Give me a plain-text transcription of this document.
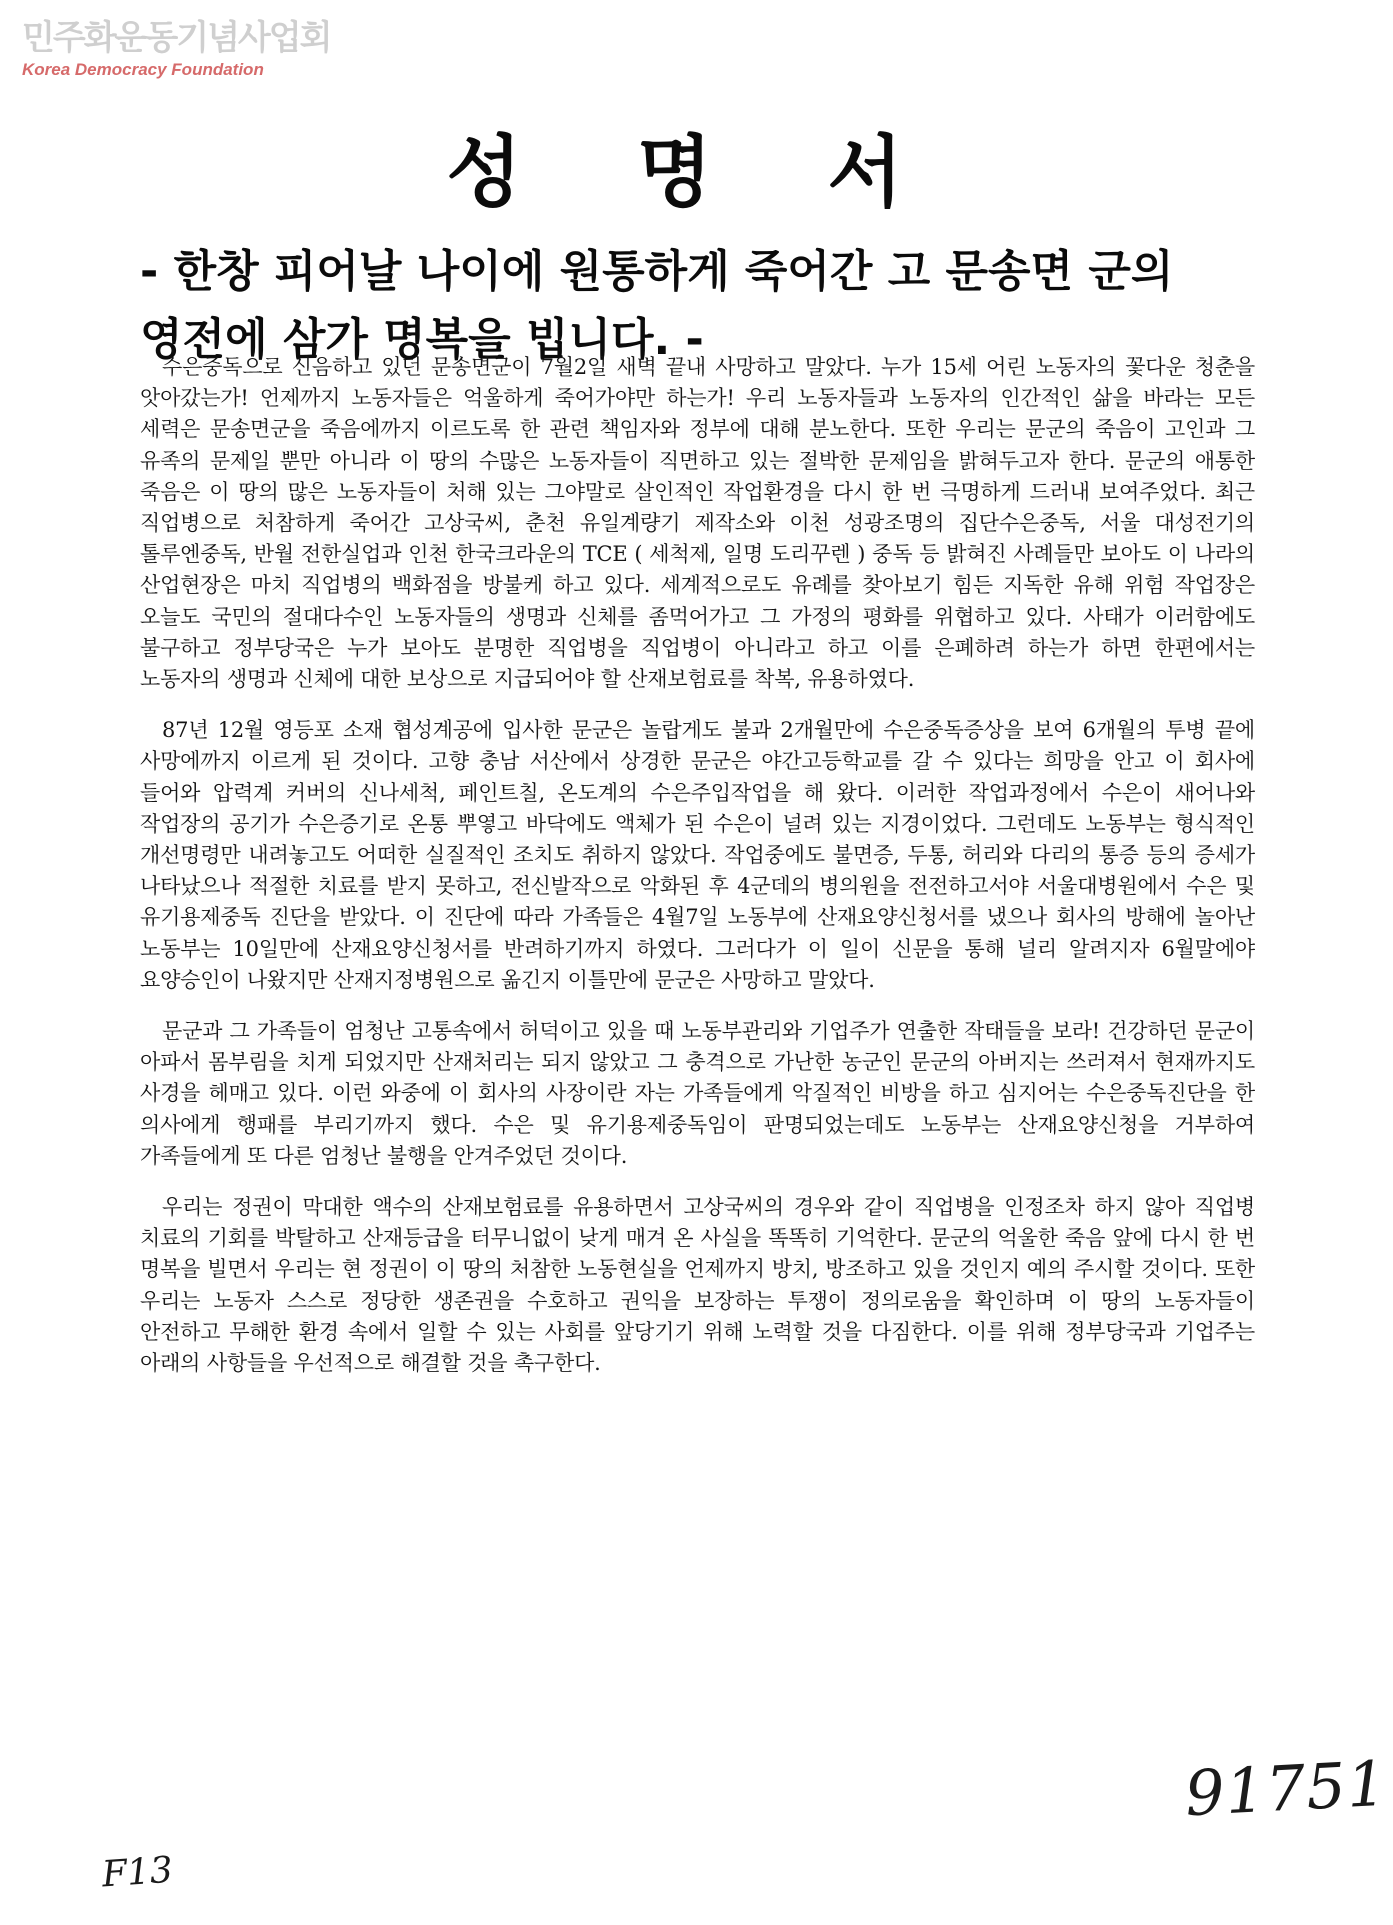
민주화운동기념사업회
Korea Democracy Foundation
성 명 서
- 한창 피어날 나이에 원통하게 죽어간 고 문송면 군의 영전에 삼가 명복을 빕니다. -

수은중독으로 신음하고 있던 문송면군이 7월2일 새벽 끝내 사망하고 말았다. 누가 15세 어린 노동자의 꽃다운 청춘을 앗아갔는가! 언제까지 노동자들은 억울하게 죽어가야만 하는가! 우리 노동자들과 노동자의 인간적인 삶을 바라는 모든 세력은 문송면군을 죽음에까지 이르도록 한 관련 책임자와 정부에 대해 분노한다. 또한 우리는 문군의 죽음이 고인과 그 유족의 문제일 뿐만 아니라 이 땅의 수많은 노동자들이 직면하고 있는 절박한 문제임을 밝혀두고자 한다. 문군의 애통한 죽음은 이 땅의 많은 노동자들이 처해 있는 그야말로 살인적인 작업환경을 다시 한 번 극명하게 드러내 보여주었다. 최근 직업병으로 처참하게 죽어간 고상국씨, 춘천 유일계량기 제작소와 이천 성광조명의 집단수은중독, 서울 대성전기의 톨루엔중독, 반월 전한실업과 인천 한국크라운의 TCE ( 세척제, 일명 도리꾸렌 ) 중독 등 밝혀진 사례들만 보아도 이 나라의 산업현장은 마치 직업병의 백화점을 방불케 하고 있다. 세계적으로도 유례를 찾아보기 힘든 지독한 유해 위험 작업장은 오늘도 국민의 절대다수인 노동자들의 생명과 신체를 좀먹어가고 그 가정의 평화를 위협하고 있다. 사태가 이러함에도 불구하고 정부당국은 누가 보아도 분명한 직업병을 직업병이 아니라고 하고 이를 은폐하려 하는가 하면 한편에서는 노동자의 생명과 신체에 대한 보상으로 지급되어야 할 산재보험료를 착복, 유용하였다.

87년 12월 영등포 소재 협성계공에 입사한 문군은 놀랍게도 불과 2개월만에 수은중독증상을 보여 6개월의 투병 끝에 사망에까지 이르게 된 것이다. 고향 충남 서산에서 상경한 문군은 야간고등학교를 갈 수 있다는 희망을 안고 이 회사에 들어와 압력계 커버의 신나세척, 페인트칠, 온도계의 수은주입작업을 해 왔다. 이러한 작업과정에서 수은이 새어나와 작업장의 공기가 수은증기로 온통 뿌옇고 바닥에도 액체가 된 수은이 널려 있는 지경이었다. 그런데도 노동부는 형식적인 개선명령만 내려놓고도 어떠한 실질적인 조치도 취하지 않았다. 작업중에도 불면증, 두통, 허리와 다리의 통증 등의 증세가 나타났으나 적절한 치료를 받지 못하고, 전신발작으로 악화된 후 4군데의 병의원을 전전하고서야 서울대병원에서 수은 및 유기용제중독 진단을 받았다. 이 진단에 따라 가족들은 4월7일 노동부에 산재요양신청서를 냈으나 회사의 방해에 놀아난 노동부는 10일만에 산재요양신청서를 반려하기까지 하였다. 그러다가 이 일이 신문을 통해 널리 알려지자 6월말에야 요양승인이 나왔지만 산재지정병원으로 옮긴지 이틀만에 문군은 사망하고 말았다.

문군과 그 가족들이 엄청난 고통속에서 허덕이고 있을 때 노동부관리와 기업주가 연출한 작태들을 보라! 건강하던 문군이 아파서 몸부림을 치게 되었지만 산재처리는 되지 않았고 그 충격으로 가난한 농군인 문군의 아버지는 쓰러져서 현재까지도 사경을 헤매고 있다. 이런 와중에 이 회사의 사장이란 자는 가족들에게 악질적인 비방을 하고 심지어는 수은중독진단을 한 의사에게 행패를 부리기까지 했다. 수은 및 유기용제중독임이 판명되었는데도 노동부는 산재요양신청을 거부하여 가족들에게 또 다른 엄청난 불행을 안겨주었던 것이다.

우리는 정권이 막대한 액수의 산재보험료를 유용하면서 고상국씨의 경우와 같이 직업병을 인정조차 하지 않아 직업병 치료의 기회를 박탈하고 산재등급을 터무니없이 낮게 매겨 온 사실을 똑똑히 기억한다. 문군의 억울한 죽음 앞에 다시 한 번 명복을 빌면서 우리는 현 정권이 이 땅의 처참한 노동현실을 언제까지 방치, 방조하고 있을 것인지 예의 주시할 것이다. 또한 우리는 노동자 스스로 정당한 생존권을 수호하고 권익을 보장하는 투쟁이 정의로움을 확인하며 이 땅의 노동자들이 안전하고 무해한 환경 속에서 일할 수 있는 사회를 앞당기기 위해 노력할 것을 다짐한다. 이를 위해 정부당국과 기업주는 아래의 사항들을 우선적으로 해결할 것을 촉구한다.

91751
F13
